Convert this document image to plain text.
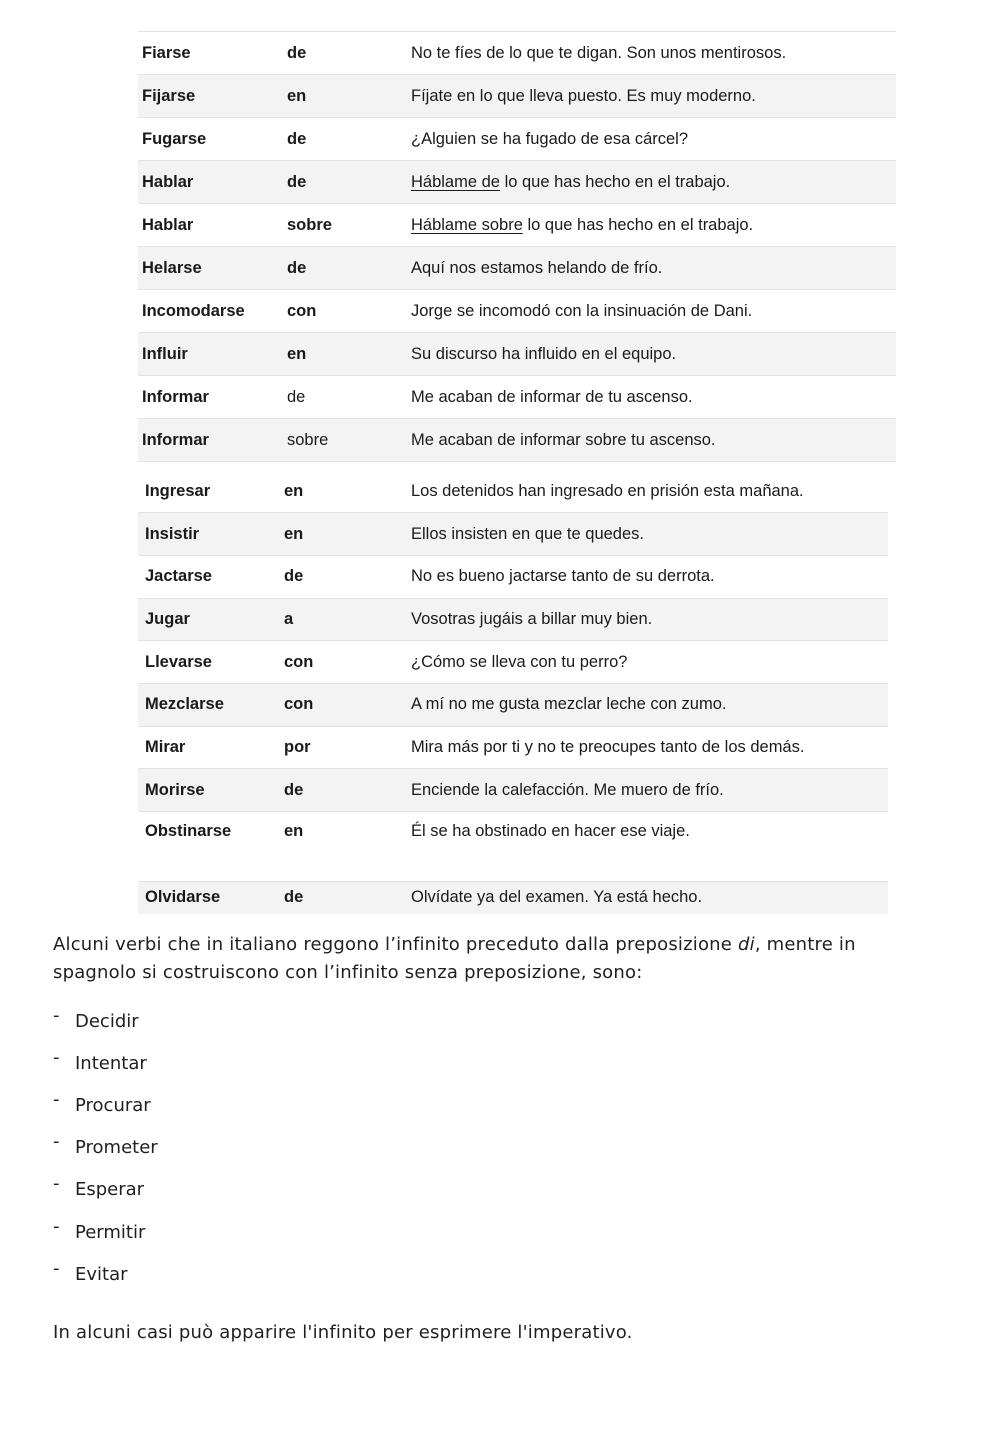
Fiarse	de	No te fíes de lo que te digan. Son unos mentirosos.
Fijarse	en	Fíjate en lo que lleva puesto. Es muy moderno.
Fugarse	de	¿Alguien se ha fugado de esa cárcel?
Hablar	de	Háblame de lo que has hecho en el trabajo.
Hablar	sobre	Háblame sobre lo que has hecho en el trabajo.
Helarse	de	Aquí nos estamos helando de frío.
Incomodarse	con	Jorge se incomodó con la insinuación de Dani.
Influir	en	Su discurso ha influido en el equipo.
Informar	de	Me acaban de informar de tu ascenso.
Informar	sobre	Me acaban de informar sobre tu ascenso.
Ingresar	en	Los detenidos han ingresado en prisión esta mañana.
Insistir	en	Ellos insisten en que te quedes.
Jactarse	de	No es bueno jactarse tanto de su derrota.
Jugar	a	Vosotras jugáis a billar muy bien.
Llevarse	con	¿Cómo se lleva con tu perro?
Mezclarse	con	A mí no me gusta mezclar leche con zumo.
Mirar	por	Mira más por ti y no te preocupes tanto de los demás.
Morirse	de	Enciende la calefacción. Me muero de frío.
Obstinarse	en	Él se ha obstinado en hacer ese viaje.
Olvidarse	de	Olvídate ya del examen. Ya está hecho.

Alcuni verbi che in italiano reggono l’infinito preceduto dalla preposizione di, mentre in spagnolo si costruiscono con l’infinito senza preposizione, sono:

- Decidir
- Intentar
- Procurar
- Prometer
- Esperar
- Permitir
- Evitar

In alcuni casi può apparire l'infinito per esprimere l'imperativo.
